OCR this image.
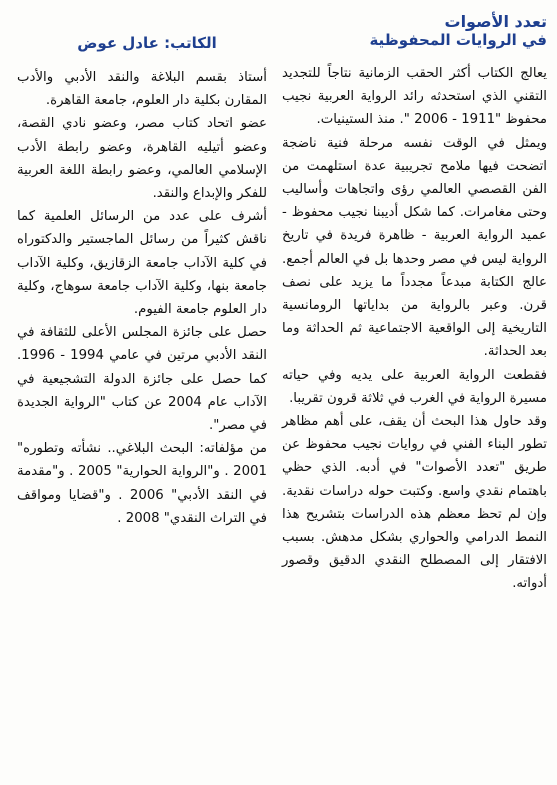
تعدد الأصوات

في الروايات المحفوظية

يعالج الكتاب أكثر الحقب الزمانية نتاجاً للتجديد التقني الذي استحدثه رائد الرواية العربية نجيب محفوظ "1911 - 2006 ". منذ الستينيات.

ويمثل في الوقت نفسه مرحلة فنية ناضجة اتضحت فيها ملامح تجريبية عدة استلهمت من الفن القصصي العالمي رؤى واتجاهات وأساليب وحتى مغامرات. كما شكل أديبنا نجيب محفوظ - عميد الرواية العربية - ظاهرة فريدة في تاريخ الرواية ليس في مصر وحدها بل في العالم أجمع. عالج الكتابة مبدعاً مجدداً ما يزيد على نصف قرن. وعبر بالرواية من بداياتها الرومانسية التاريخية إلى الواقعية الاجتماعية ثم الحداثة وما بعد الحداثة.

فقطعت الرواية العربية على يديه وفي حياته مسيرة الرواية في الغرب في ثلاثة قرون تقريبا.

وقد حاول هذا البحث أن يقف، على أهم مظاهر تطور البناء الفني في روايات نجيب محفوظ عن طريق "تعدد الأصوات" في أدبه. الذي حظي باهتمام نقدي واسع. وكتبت حوله دراسات نقدية. وإن لم تحظ معظم هذه الدراسات بتشريح هذا النمط الدرامي والحواري بشكل مدهش. بسبب الافتقار إلى المصطلح النقدي الدقيق وقصور أدواته.

الكاتب: عادل عوض

أستاذ بقسم البلاغة والنقد الأدبي والأدب المقارن بكلية دار العلوم، جامعة القاهرة.

عضو اتحاد كتاب مصر، وعضو نادي القصة، وعضو أتيليه القاهرة، وعضو رابطة الأدب الإسلامي العالمي، وعضو رابطة اللغة العربية للفكر والإبداع والنقد.

أشرف على عدد من الرسائل العلمية كما ناقش كثيراً من رسائل الماجستير والدكتوراه في كلية الآداب جامعة الزقازيق، وكلية الآداب جامعة بنها، وكلية الآداب جامعة سوهاج، وكلية دار العلوم جامعة الفيوم.

حصل على جائزة المجلس الأعلى للثقافة في النقد الأدبي مرتين في عامي 1994 - 1996. كما حصل على جائزة الدولة التشجيعية في الآداب عام 2004 عن كتاب "الرواية الجديدة في مصر".

من مؤلفاته: البحث البلاغي.. نشأته وتطوره" 2001 . و"الرواية الحوارية" 2005 . و"مقدمة في النقد الأدبي" 2006 . و"قضايا ومواقف في التراث النقدي" 2008 .
